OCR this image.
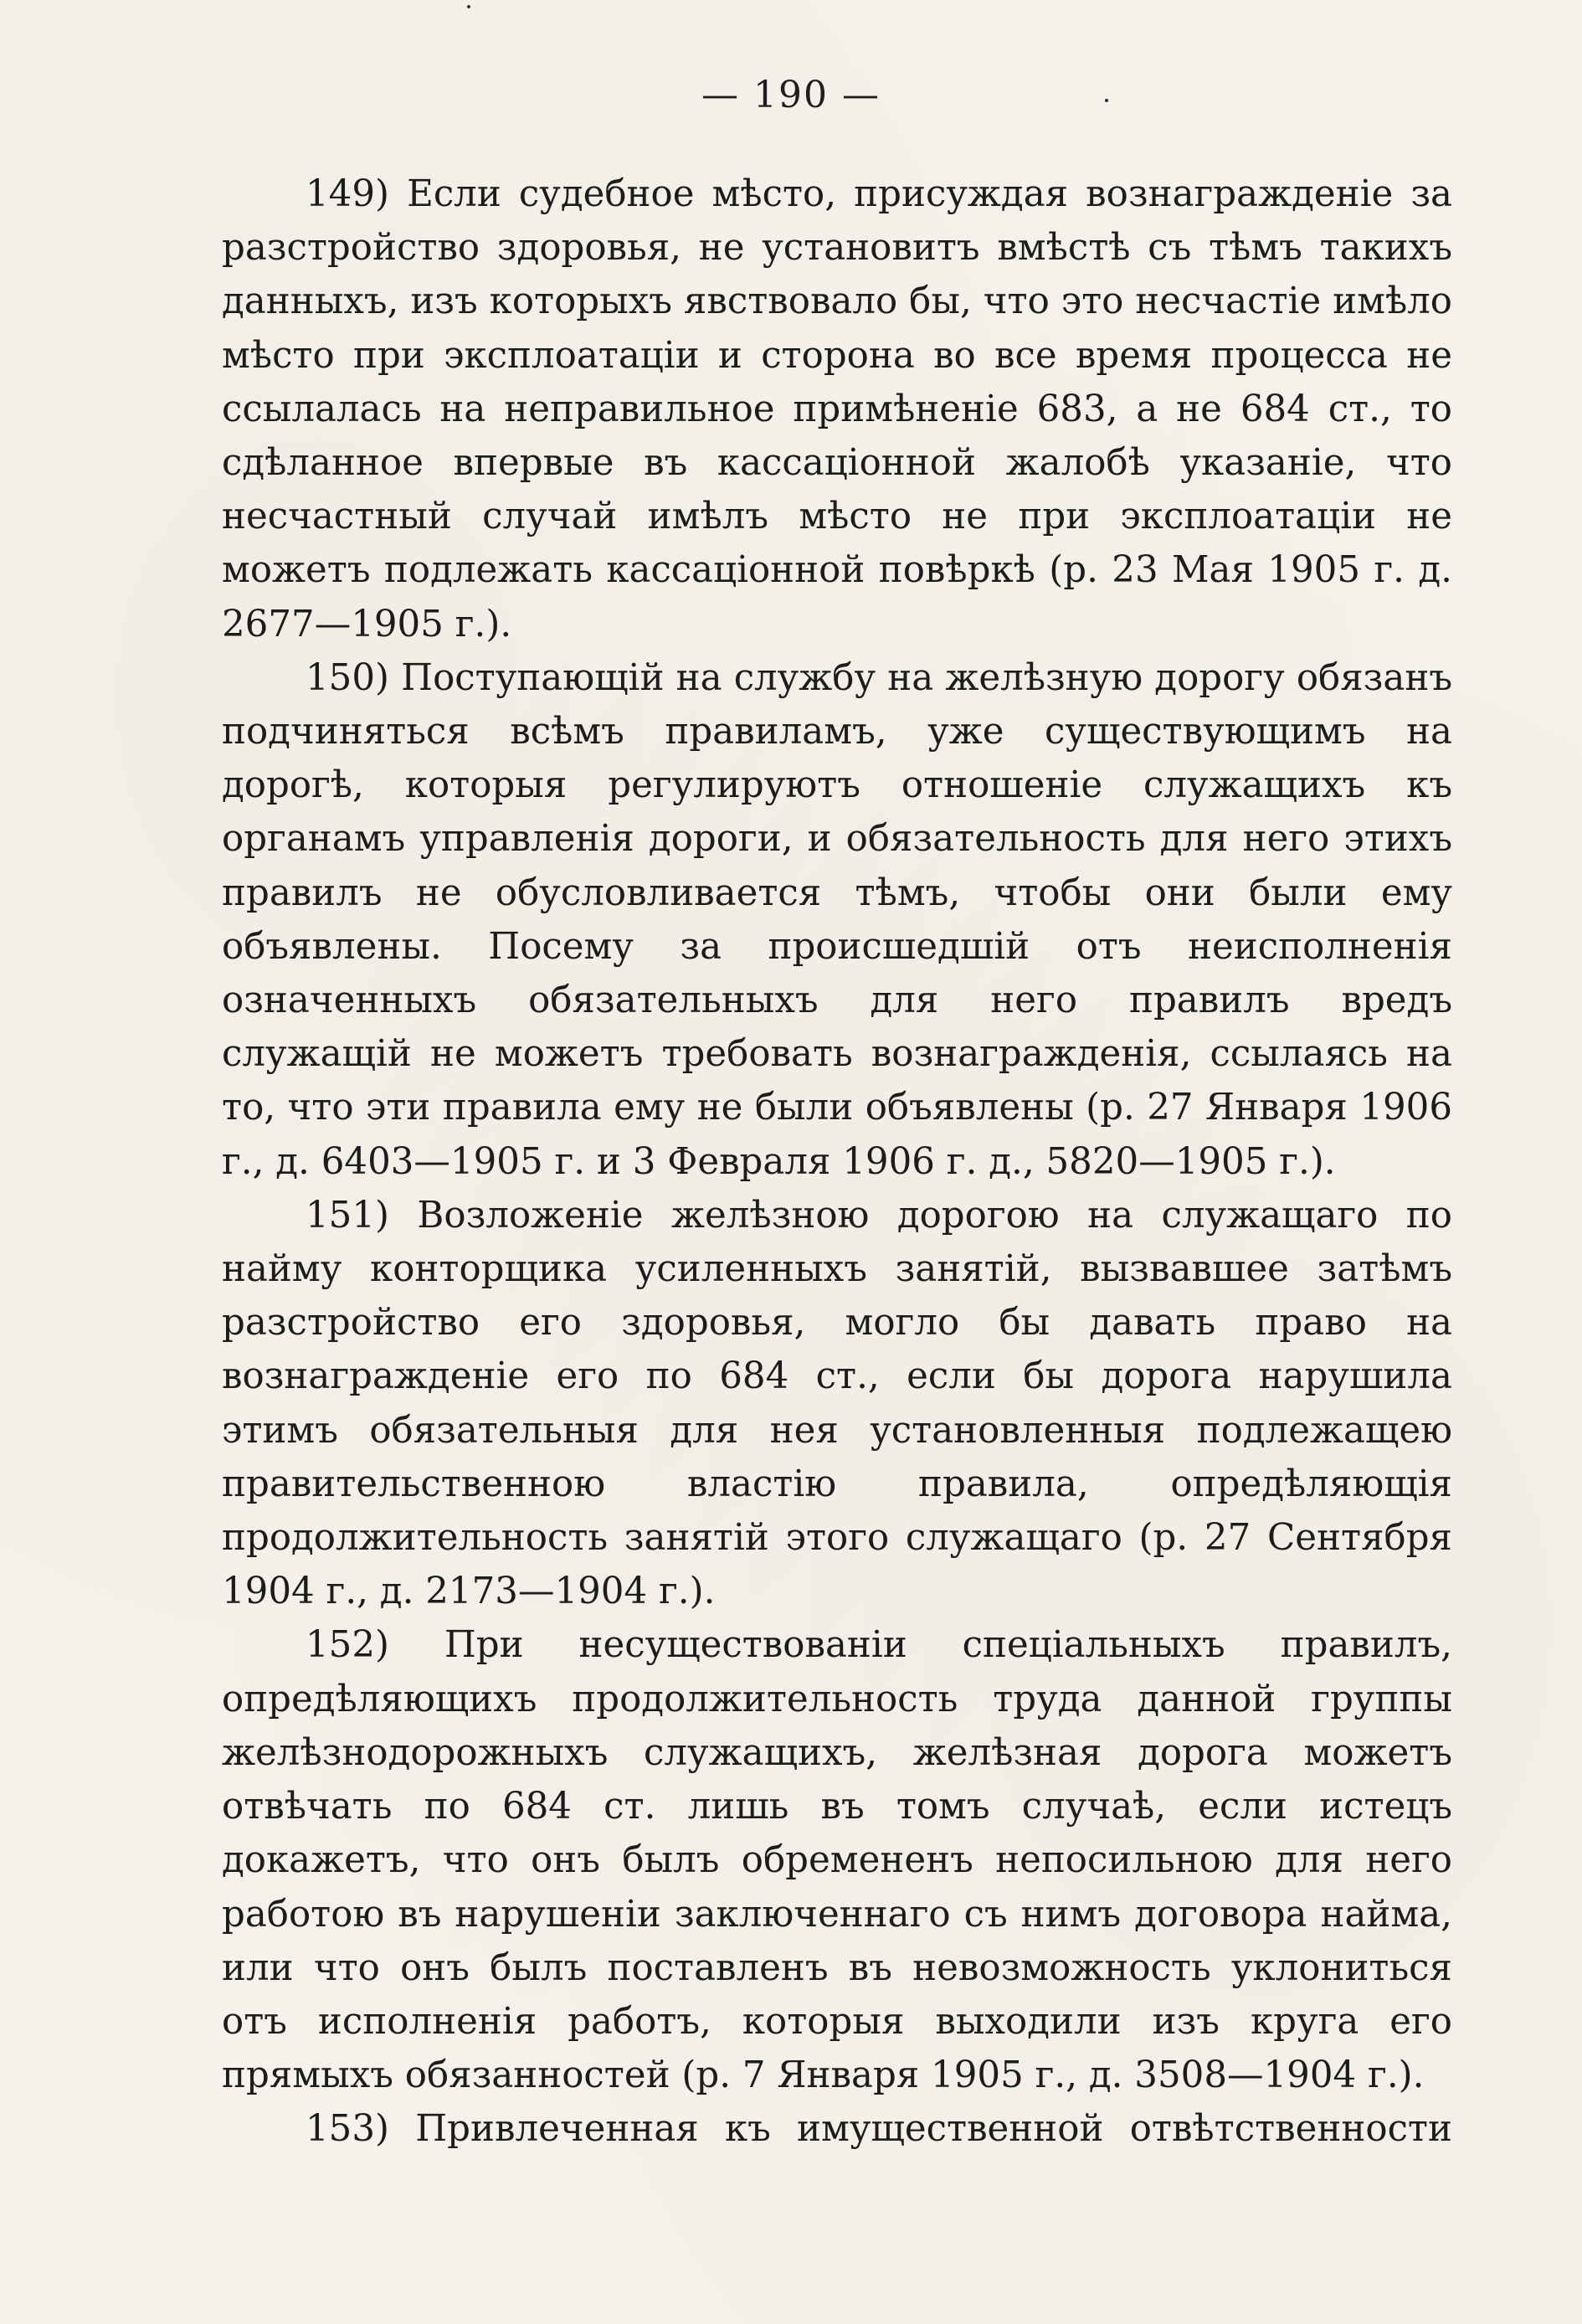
— 190 —

149) Если судебное мѣсто, присуждая вознагражденіе за разстройство здоровья, не установитъ вмѣстѣ съ тѣмъ такихъ данныхъ, изъ которыхъ явствовало бы, что это несчастіе имѣло мѣсто при эксплоатаціи и сторона во все время процесса не ссылалась на неправильное примѣненіе 683, а не 684 ст., то сдѣланное впервые въ кассаціонной жалобѣ указаніе, что несчастный случай имѣлъ мѣсто не при эксплоатаціи не можетъ подлежать кассаціонной повѣркѣ (р. 23 Мая 1905 г. д. 2677—1905 г.).

150) Поступающій на службу на желѣзную дорогу обязанъ подчиняться всѣмъ правиламъ, уже существующимъ на дорогѣ, которыя регулируютъ отношеніе служащихъ къ органамъ управленія дороги, и обязательность для него этихъ правилъ не обусловливается тѣмъ, чтобы они были ему объявлены. Посему за происшедшій отъ неисполненія означенныхъ обязательныхъ для него правилъ вредъ служащій не можетъ требовать вознагражденія, ссылаясь на то, что эти правила ему не были объявлены (р. 27 Января 1906 г., д. 6403—1905 г. и 3 Февраля 1906 г. д., 5820—1905 г.).

151) Возложеніе желѣзною дорогою на служащаго по найму конторщика усиленныхъ занятій, вызвавшее затѣмъ разстройство его здоровья, могло бы давать право на вознагражденіе его по 684 ст., если бы дорога нарушила этимъ обязательныя для нея установленныя подлежащею правительственною властію правила, опредѣляющія продолжительность занятій этого служащаго (р. 27 Сентября 1904 г., д. 2173—1904 г.).

152) При несуществованіи спеціальныхъ правилъ, опредѣляющихъ продолжительность труда данной группы желѣзнодорожныхъ служащихъ, желѣзная дорога можетъ отвѣчать по 684 ст. лишь въ томъ случаѣ, если истецъ докажетъ, что онъ былъ обремененъ непосильною для него работою въ нарушеніи заключеннаго съ нимъ договора найма, или что онъ былъ поставленъ въ невозможность уклониться отъ исполненія работъ, которыя выходили изъ круга его прямыхъ обязанностей (р. 7 Января 1905 г., д. 3508—1904 г.).

153) Привлеченная къ имущественной отвѣтственности
